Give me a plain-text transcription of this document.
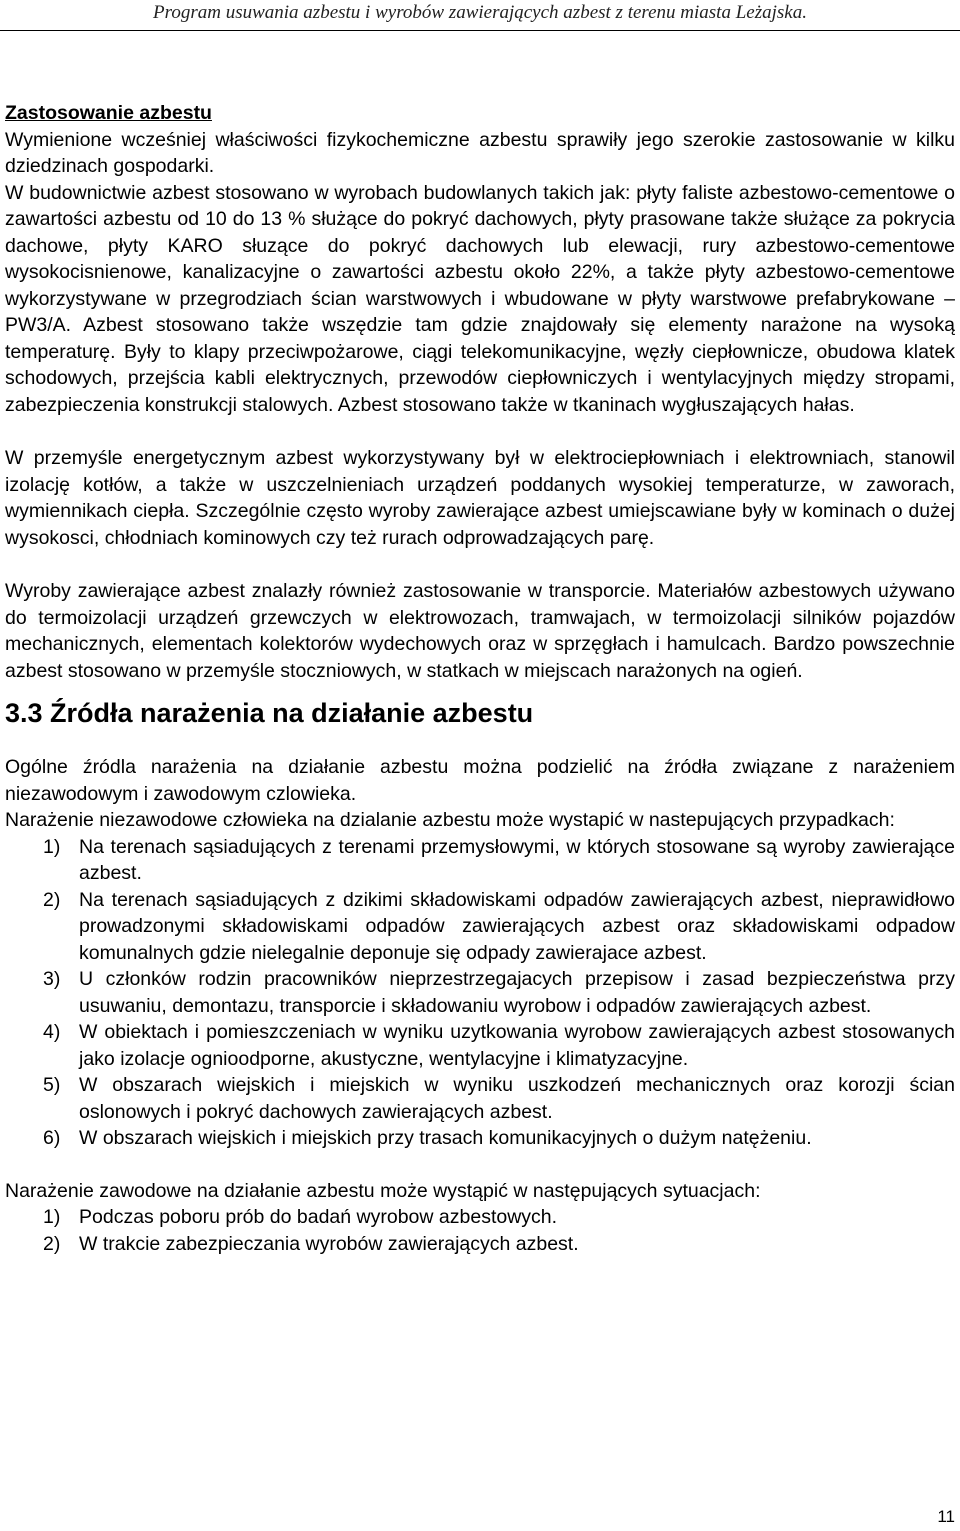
Program usuwania azbestu i wyrobów zawierających azbest z terenu miasta Leżajska.

Zastosowanie azbestu

Wymienione wcześniej właściwości fizykochemiczne azbestu sprawiły jego szerokie zastosowanie w kilku dziedzinach gospodarki.

W budownictwie azbest stosowano w wyrobach budowlanych takich jak: płyty faliste azbestowo-cementowe o zawartości azbestu od 10 do 13 % służące do pokryć dachowych, płyty prasowane także służące za pokrycia dachowe, płyty KARO słuzące do pokryć dachowych lub elewacji, rury azbestowo-cementowe wysokocisnienowe, kanalizacyjne o zawartości azbestu około 22%, a także płyty azbestowo-cementowe wykorzystywane w przegrodziach ścian warstwowych i wbudowane w płyty warstwowe prefabrykowane – PW3/A. Azbest stosowano także wszędzie tam gdzie znajdowały się elementy narażone na wysoką temperaturę. Były to klapy przeciwpożarowe, ciągi telekomunikacyjne, węzły ciepłownicze, obudowa klatek schodowych, przejścia kabli elektrycznych, przewodów ciepłowniczych i wentylacyjnych między stropami, zabezpieczenia konstrukcji stalowych. Azbest stosowano także w tkaninach wygłuszających hałas.

W przemyśle energetycznym azbest wykorzystywany był w elektrociepłowniach i elektrowniach, stanowil izolację kotłów, a także w uszczelnieniach urządzeń poddanych wysokiej temperaturze, w zaworach, wymiennikach ciepła. Szczególnie często wyroby zawierające azbest umiejscawiane były w kominach o dużej wysokosci, chłodniach kominowych czy też rurach odprowadzających parę.

Wyroby zawierające azbest znalazły również zastosowanie w transporcie. Materiałów azbestowych używano do termoizolacji urządzeń grzewczych w elektrowozach, tramwajach, w termoizolacji silników pojazdów mechanicznych, elementach kolektorów wydechowych oraz w sprzęgłach i hamulcach. Bardzo powszechnie azbest stosowano w przemyśle stoczniowych, w statkach w miejscach narażonych na ogień.

3.3 Źródła narażenia na działanie azbestu

Ogólne źródla narażenia na działanie azbestu można podzielić na źródła związane z narażeniem niezawodowym i zawodowym czlowieka.

Narażenie niezawodowe człowieka na dzialanie azbestu może wystapić w nastepujących przypadkach:

1) Na terenach sąsiadujących z terenami przemysłowymi, w których stosowane są wyroby zawierające azbest.
2) Na terenach sąsiadujących z dzikimi składowiskami odpadów zawierających azbest, nieprawidłowo prowadzonymi składowiskami odpadów zawierających azbest oraz składowiskami odpadow komunalnych gdzie nielegalnie deponuje się odpady zawierajace azbest.
3) U członków rodzin pracowników nieprzestrzegajacych przepisow i zasad bezpieczeństwa przy usuwaniu, demontazu, transporcie i składowaniu wyrobow i odpadów zawierających azbest.
4) W obiektach i pomieszczeniach w wyniku uzytkowania wyrobow zawierających azbest stosowanych jako izolacje ognioodporne, akustyczne, wentylacyjne i klimatyzacyjne.
5) W obszarach wiejskich i miejskich w wyniku uszkodzeń mechanicznych oraz korozji ścian oslonowych i pokryć dachowych zawierających azbest.
6) W obszarach wiejskich i miejskich przy trasach komunikacyjnych o dużym natężeniu.

Narażenie zawodowe na działanie azbestu może wystąpić w następujących sytuacjach:

1) Podczas poboru prób do badań wyrobow azbestowych.
2) W trakcie zabezpieczania wyrobów zawierających azbest.
11
